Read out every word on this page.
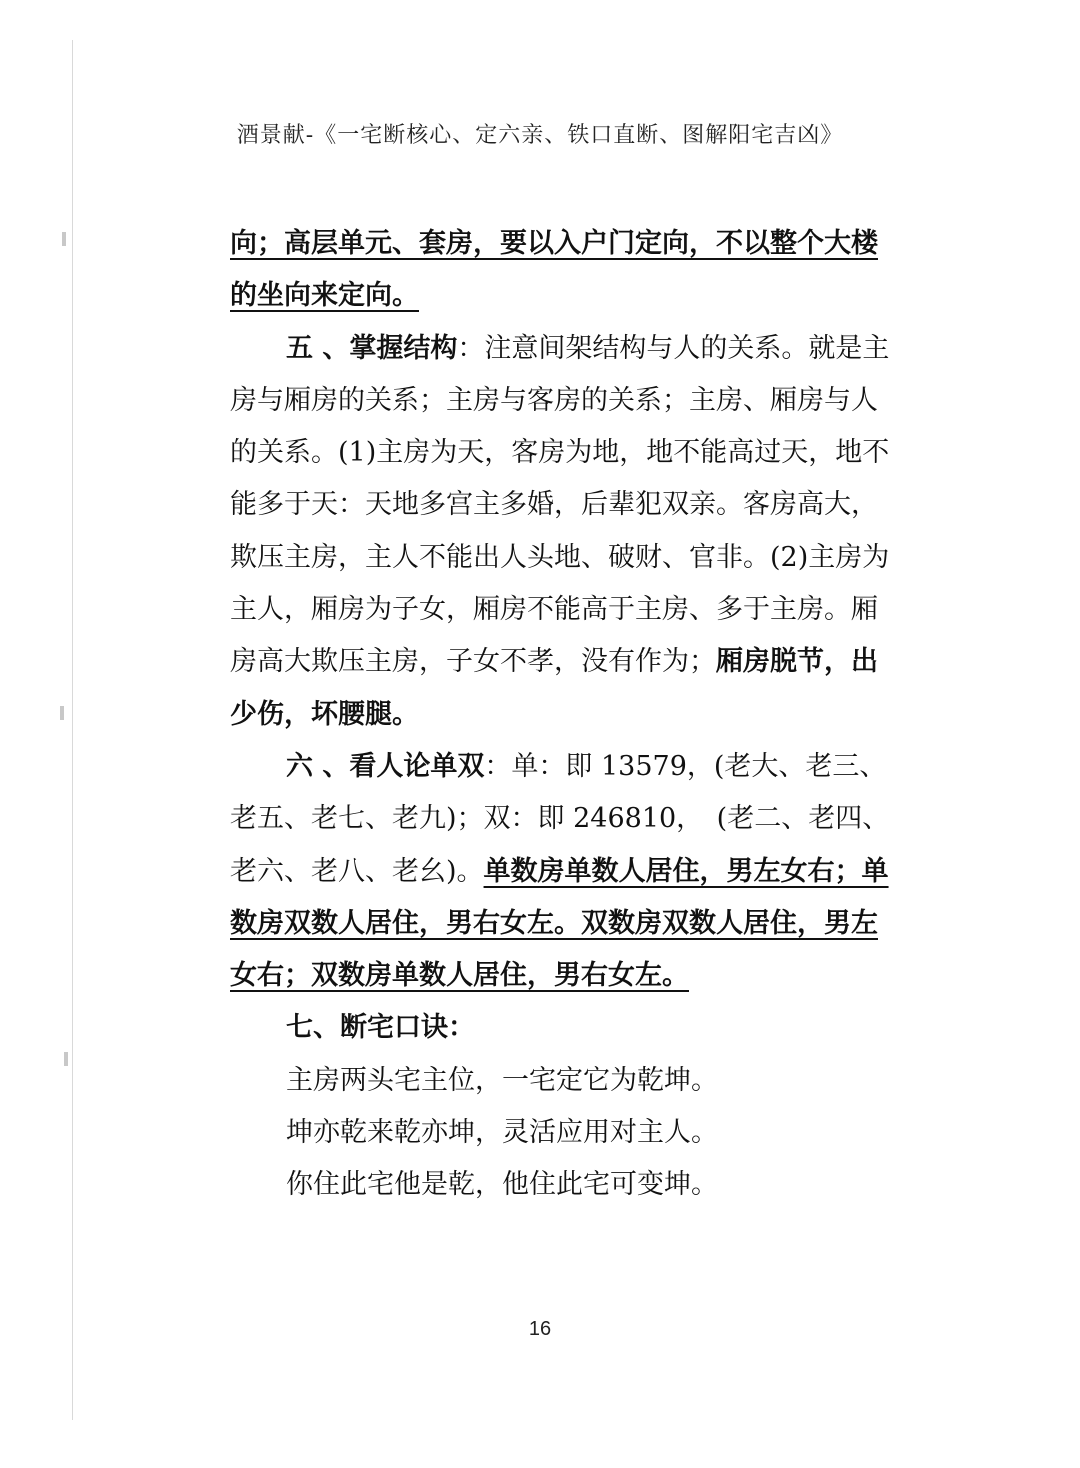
酒景献-《一宅断核心、定六亲、铁口直断、图解阳宅吉凶》

向；高层单元、套房，要以入户门定向，不以整个大楼的坐向来定向。

五 、掌握结构：注意间架结构与人的关系。就是主房与厢房的关系；主房与客房的关系；主房、厢房与人的关系。(1)主房为天，客房为地，地不能高过天，地不能多于天：天地多宫主多婚，后辈犯双亲。客房高大，欺压主房，主人不能出人头地、破财、官非。(2)主房为 主人，厢房为子女，厢房不能高于主房、多于主房。厢房高大欺压主房，子女不孝，没有作为；厢房脱节，出少伤，坏腰腿。

六 、看人论单双：单：即 13579，(老大、老三、老五、老七、老九)；双：即 246810，　(老二、老四、老六、老八、老幺)。单数房单数人居住，男左女右；单数房双数人居住，男右女左。双数房双数人居住，男左女右；双数房单数人居住，男右女左。

七、断宅口诀：

主房两头宅主位，一宅定它为乾坤。

坤亦乾来乾亦坤，灵活应用对主人。

你住此宅他是乾，他住此宅可变坤。

16
